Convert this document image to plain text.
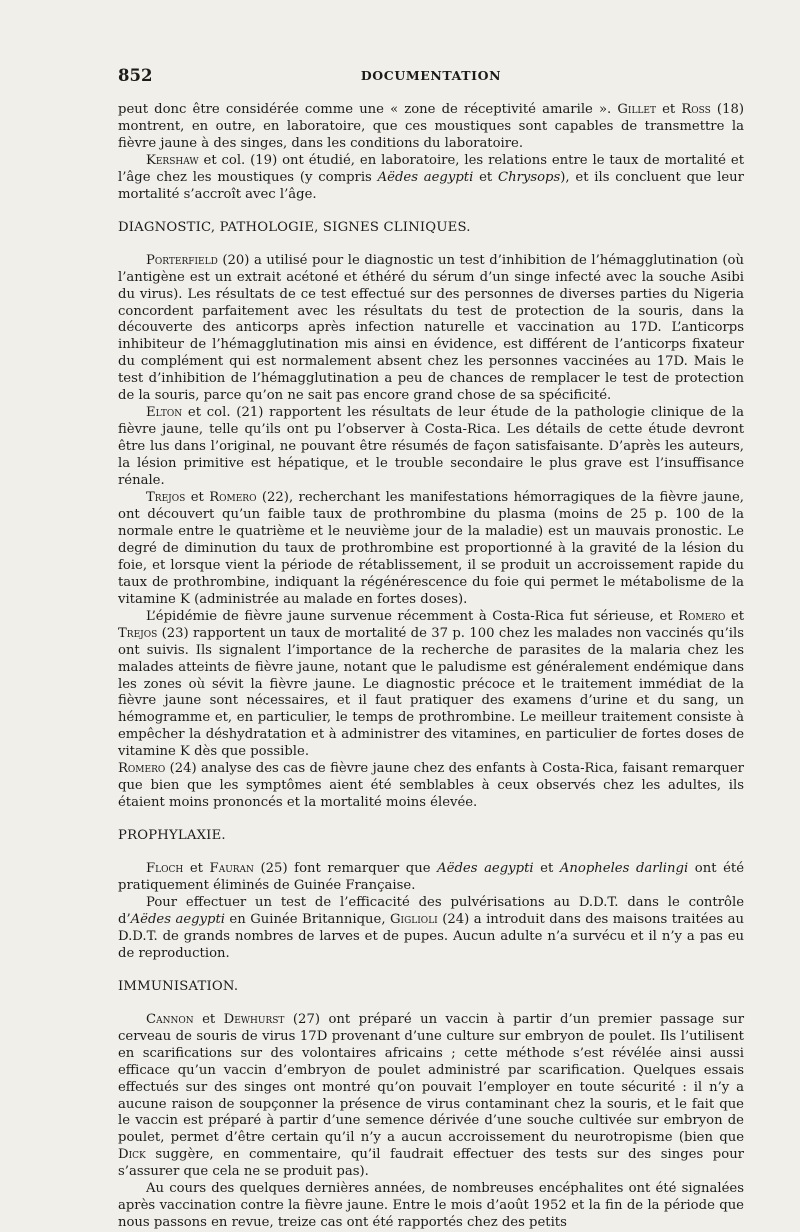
852	DOCUMENTATION

peut donc être considérée comme une « zone de réceptivité amarile ». Gillet et Ross (18) montrent, en outre, en laboratoire, que ces moustiques sont capables de transmettre la fièvre jaune à des singes, dans les conditions du laboratoire.

Kershaw et col. (19) ont étudié, en laboratoire, les relations entre le taux de mortalité et l’âge chez les moustiques (y compris Aëdes aegypti et Chrysops), et ils concluent que leur mortalité s’accroît avec l’âge.

DIAGNOSTIC, PATHOLOGIE, SIGNES CLINIQUES.

Porterfield (20) a utilisé pour le diagnostic un test d’inhibition de l’hémagglutination (où l’antigène est un extrait acétoné et éthéré du sérum d’un singe infecté avec la souche Asibi du virus). Les résultats de ce test effectué sur des personnes de diverses parties du Nigeria concordent parfaitement avec les résultats du test de protection de la souris, dans la découverte des anticorps après infection naturelle et vaccination au 17D. L’anticorps inhibiteur de l’hémagglutination mis ainsi en évidence, est différent de l’anticorps fixateur du complément qui est normalement absent chez les personnes vaccinées au 17D. Mais le test d’inhibition de l’hémagglutination a peu de chances de remplacer le test de protection de la souris, parce qu’on ne sait pas encore grand chose de sa spécificité.

Elton et col. (21) rapportent les résultats de leur étude de la pathologie clinique de la fièvre jaune, telle qu’ils ont pu l’observer à Costa-Rica. Les détails de cette étude devront être lus dans l’original, ne pouvant être résumés de façon satisfaisante. D’après les auteurs, la lésion primitive est hépatique, et le trouble secondaire le plus grave est l’insuffisance rénale.

Trejos et Romero (22), recherchant les manifestations hémorragiques de la fièvre jaune, ont découvert qu’un faible taux de prothrombine du plasma (moins de 25 p. 100 de la normale entre le quatrième et le neuvième jour de la maladie) est un mauvais pronostic. Le degré de diminution du taux de prothrombine est proportionné à la gravité de la lésion du foie, et lorsque vient la période de rétablissement, il se produit un accroissement rapide du taux de prothrombine, indiquant la régénérescence du foie qui permet le métabolisme de la vitamine K (administrée au malade en fortes doses).

L’épidémie de fièvre jaune survenue récemment à Costa-Rica fut sérieuse, et Romero et Trejos (23) rapportent un taux de mortalité de 37 p. 100 chez les malades non vaccinés qu’ils ont suivis. Ils signalent l’importance de la recherche de parasites de la malaria chez les malades atteints de fièvre jaune, notant que le paludisme est généralement endémique dans les zones où sévit la fièvre jaune. Le diagnostic précoce et le traitement immédiat de la fièvre jaune sont nécessaires, et il faut pratiquer des examens d’urine et du sang, un hémogramme et, en particulier, le temps de prothrombine. Le meilleur traitement consiste à empêcher la déshydratation et à administrer des vitamines, en particulier de fortes doses de vitamine K dès que possible.
Romero (24) analyse des cas de fièvre jaune chez des enfants à Costa-Rica, faisant remarquer que bien que les symptômes aient été semblables à ceux observés chez les adultes, ils étaient moins prononcés et la mortalité moins élevée.

PROPHYLAXIE.

Floch et Fauran (25) font remarquer que Aëdes aegypti et Anopheles darlingi ont été pratiquement éliminés de Guinée Française.

Pour effectuer un test de l’efficacité des pulvérisations au D.D.T. dans le contrôle d’Aëdes aegypti en Guinée Britannique, Giglioli (24) a introduit dans des maisons traitées au D.D.T. de grands nombres de larves et de pupes. Aucun adulte n’a survécu et il n’y a pas eu de reproduction.

IMMUNISATION.

Cannon et Dewhurst (27) ont préparé un vaccin à partir d’un premier passage sur cerveau de souris de virus 17D provenant d’une culture sur embryon de poulet. Ils l’utilisent en scarifications sur des volontaires africains ; cette méthode s’est révélée ainsi aussi efficace qu’un vaccin d’embryon de poulet administré par scarification. Quelques essais effectués sur des singes ont montré qu’on pouvait l’employer en toute sécurité : il n’y a aucune raison de soupçonner la présence de virus contaminant chez la souris, et le fait que le vaccin est préparé à partir d’une semence dérivée d’une souche cultivée sur embryon de poulet, permet d’être certain qu’il n’y a aucun accroissement du neurotropisme (bien que Dick suggère, en commentaire, qu’il faudrait effectuer des tests sur des singes pour s’assurer que cela ne se produit pas).

Au cours des quelques dernières années, de nombreuses encéphalites ont été signalées après vaccination contre la fièvre jaune. Entre le mois d’août 1952 et la fin de la période que nous passons en revue, treize cas ont été rapportés chez des petits
